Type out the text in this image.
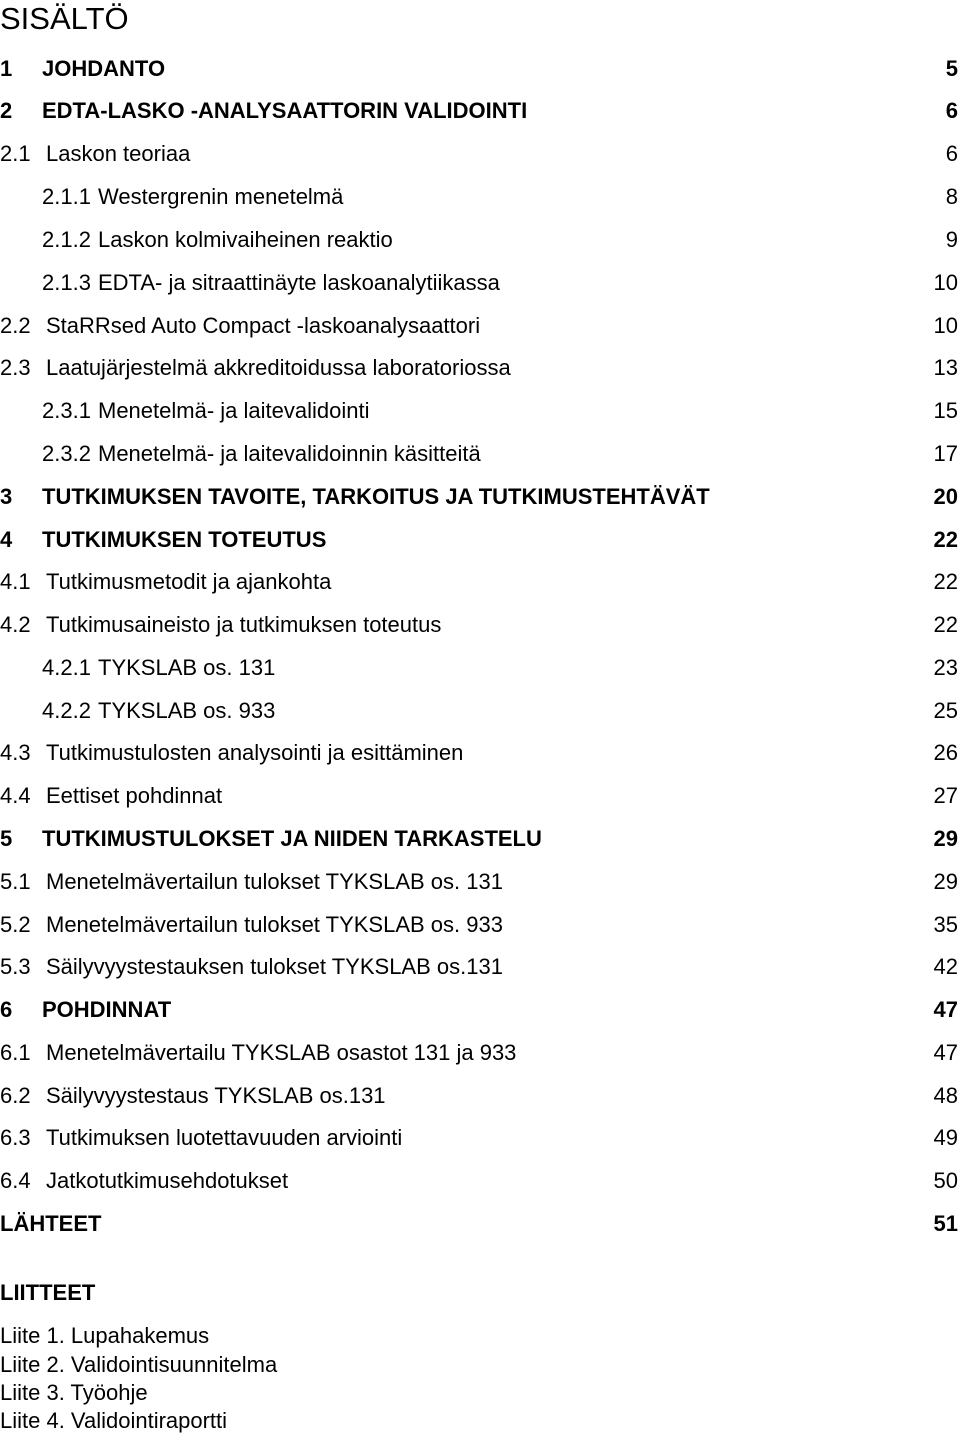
SISÄLTÖ
1 JOHDANTO	5
2 EDTA-LASKO -ANALYSAATTORIN VALIDOINTI	6
2.1 Laskon teoriaa	6
2.1.1 Westergrenin menetelmä	8
2.1.2 Laskon kolmivaiheinen reaktio	9
2.1.3 EDTA- ja sitraattinäyte laskoanalytiikassa	10
2.2 StaRRsed Auto Compact -laskoanalysaattori	10
2.3 Laatujärjestelmä akkreditoidussa laboratoriossa	13
2.3.1 Menetelmä- ja laitevalidointi	15
2.3.2 Menetelmä- ja laitevalidoinnin käsitteitä	17
3 TUTKIMUKSEN TAVOITE, TARKOITUS JA TUTKIMUSTEHTÄVÄT	20
4 TUTKIMUKSEN TOTEUTUS	22
4.1 Tutkimusmetodit ja ajankohta	22
4.2 Tutkimusaineisto ja tutkimuksen toteutus	22
4.2.1 TYKSLAB os. 131	23
4.2.2 TYKSLAB os. 933	25
4.3 Tutkimustulosten analysointi ja esittäminen	26
4.4 Eettiset pohdinnat	27
5 TUTKIMUSTULOKSET JA NIIDEN TARKASTELU	29
5.1 Menetelmävertailun tulokset TYKSLAB os. 131	29
5.2 Menetelmävertailun tulokset TYKSLAB os. 933	35
5.3 Säilyvyystestauksen tulokset TYKSLAB os.131	42
6 POHDINNAT	47
6.1 Menetelmävertailu TYKSLAB osastot 131 ja 933	47
6.2 Säilyvyystestaus TYKSLAB os.131	48
6.3 Tutkimuksen luotettavuuden arviointi	49
6.4 Jatkotutkimusehdotukset	50
LÄHTEET	51
LIITTEET
Liite 1. Lupahakemus
Liite 2. Validointisuunnitelma
Liite 3. Työohje
Liite 4. Validointiraportti
